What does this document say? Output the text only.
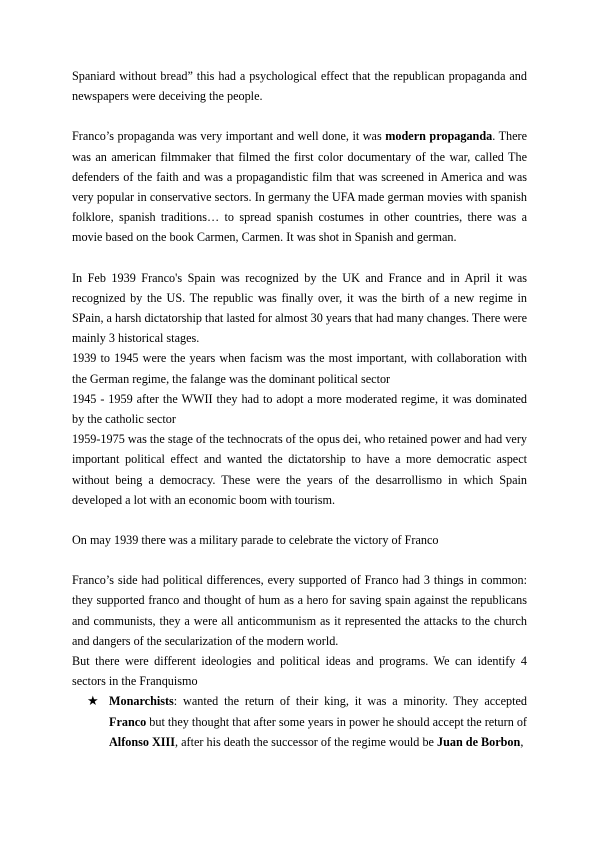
Spaniard without bread” this had a psychological effect that the republican propaganda and newspapers were deceiving the people.

Franco’s propaganda was very important and well done, it was modern propaganda. There was an american filmmaker that filmed the first color documentary of the war, called The defenders of the faith and was a propagandistic film that was screened in America and was very popular in conservative sectors. In germany the UFA made german movies with spanish folklore, spanish traditions… to spread spanish costumes in other countries, there was a movie based on the book Carmen, Carmen. It was shot in Spanish and german.

In Feb 1939 Franco's Spain was recognized by the UK and France and in April it was recognized by the US. The republic was finally over, it was the birth of a new regime in SPain, a harsh dictatorship that lasted for almost 30 years that had many changes. There were mainly 3 historical stages.

1939 to 1945 were the years when facism was the most important, with collaboration with the German regime, the falange was the dominant political sector

1945 - 1959 after the WWII they had to adopt a more moderated regime, it was dominated by the catholic sector

1959-1975 was the stage of the technocrats of the opus dei, who retained power and had very important political effect and wanted the dictatorship to have a more democratic aspect without being a democracy. These were the years of the desarrollismo in which Spain developed a lot with an economic boom with tourism.

On may 1939 there was a military parade to celebrate the victory of Franco

Franco’s side had political differences, every supported of Franco had 3 things in common: they supported franco and thought of hum as a hero for saving spain against the republicans and communists, they a were all anticommunism as it represented the attacks to the church and dangers of the secularization of the modern world.

But there were different ideologies and political ideas and programs. We can identify 4 sectors in the Franquismo

★ Monarchists: wanted the return of their king, it was a minority. They accepted Franco but they thought that after some years in power he should accept the return of Alfonso XIII, after his death the successor of the regime would be Juan de Borbon,
